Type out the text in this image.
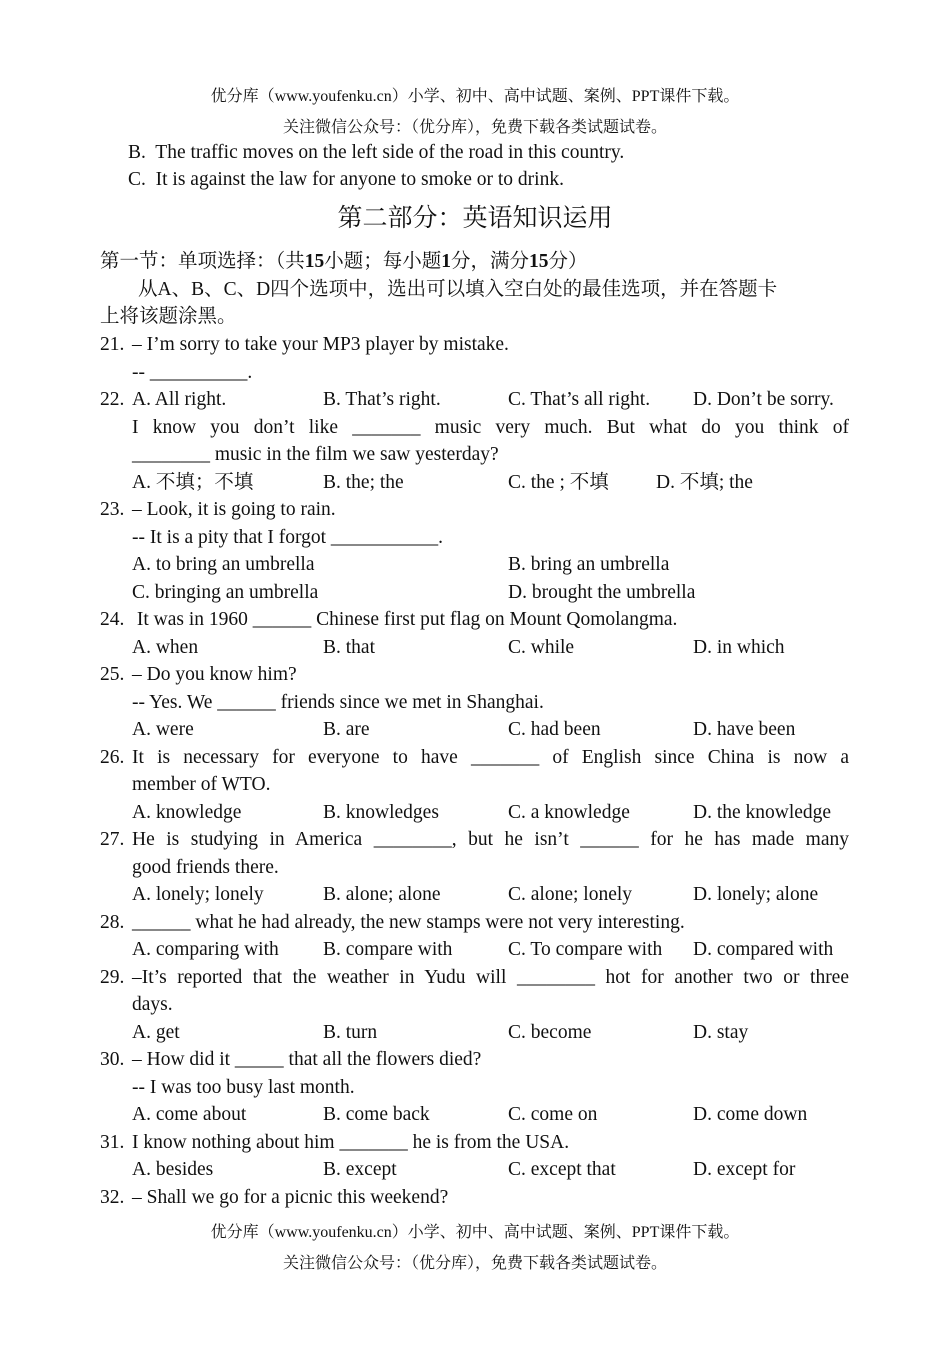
优分库（www.youfenku.cn）小学、初中、高中试题、案例、PPT课件下载。
关注微信公众号：（优分库），免费下载各类试题试卷。
B.  The traffic moves on the left side of the road in this country.
C.  It is against the law for anyone to smoke or to drink.
第二部分：英语知识运用
第一节：单项选择：（共15小题；每小题1分，满分15分）
从A、B、C、D四个选项中，选出可以填入空白处的最佳选项，并在答题卡
上将该题涂黑。
21. – I’m sorry to take your MP3 player by mistake.
-- __________.
22. A. All right.	B. That’s right.	C. That’s all right. D. Don’t be sorry.
I know you don’t like _______ music very much. But what do you think of
________ music in the film we saw yesterday?
A. 不填；不填	B. the; the	C. the ; 不填 D. 不填; the
23. – Look, it is going to rain.
-- It is a pity that I forgot ___________.
A. to bring an umbrella	B. bring an umbrella
C. bringing an umbrella	D. brought the umbrella
24. It was in 1960 ______ Chinese first put flag on Mount Qomolangma.
A. when	B. that	C. while	D. in which
25. – Do you know him?
-- Yes. We ______ friends since we met in Shanghai.
A. were	B. are	C. had been	D. have been
26. It is necessary for everyone to have _______ of English since China is now a
member of WTO.
A. knowledge	B. knowledges	C. a knowledge	D. the knowledge
27. He is studying in America ________, but he isn’t ______ for he has made many
good friends there.
A. lonely; lonely	B. alone; alone	C. alone; lonely	D. lonely; alone
28. ______ what he had already, the new stamps were not very interesting.
A. comparing with B. compare with	C. To compare with D. compared with
29. –It’s reported that the weather in Yudu will ________ hot for another two or three
days.
A. get	B. turn	C. become	D. stay
30. – How did it _____ that all the flowers died?
-- I was too busy last month.
A. come about	B. come back	C. come on	D. come down
31. I know nothing about him _______ he is from the USA.
A. besides	B. except	C. except that	D. except for
32. – Shall we go for a picnic this weekend?
优分库（www.youfenku.cn）小学、初中、高中试题、案例、PPT课件下载。
关注微信公众号：（优分库），免费下载各类试题试卷。
